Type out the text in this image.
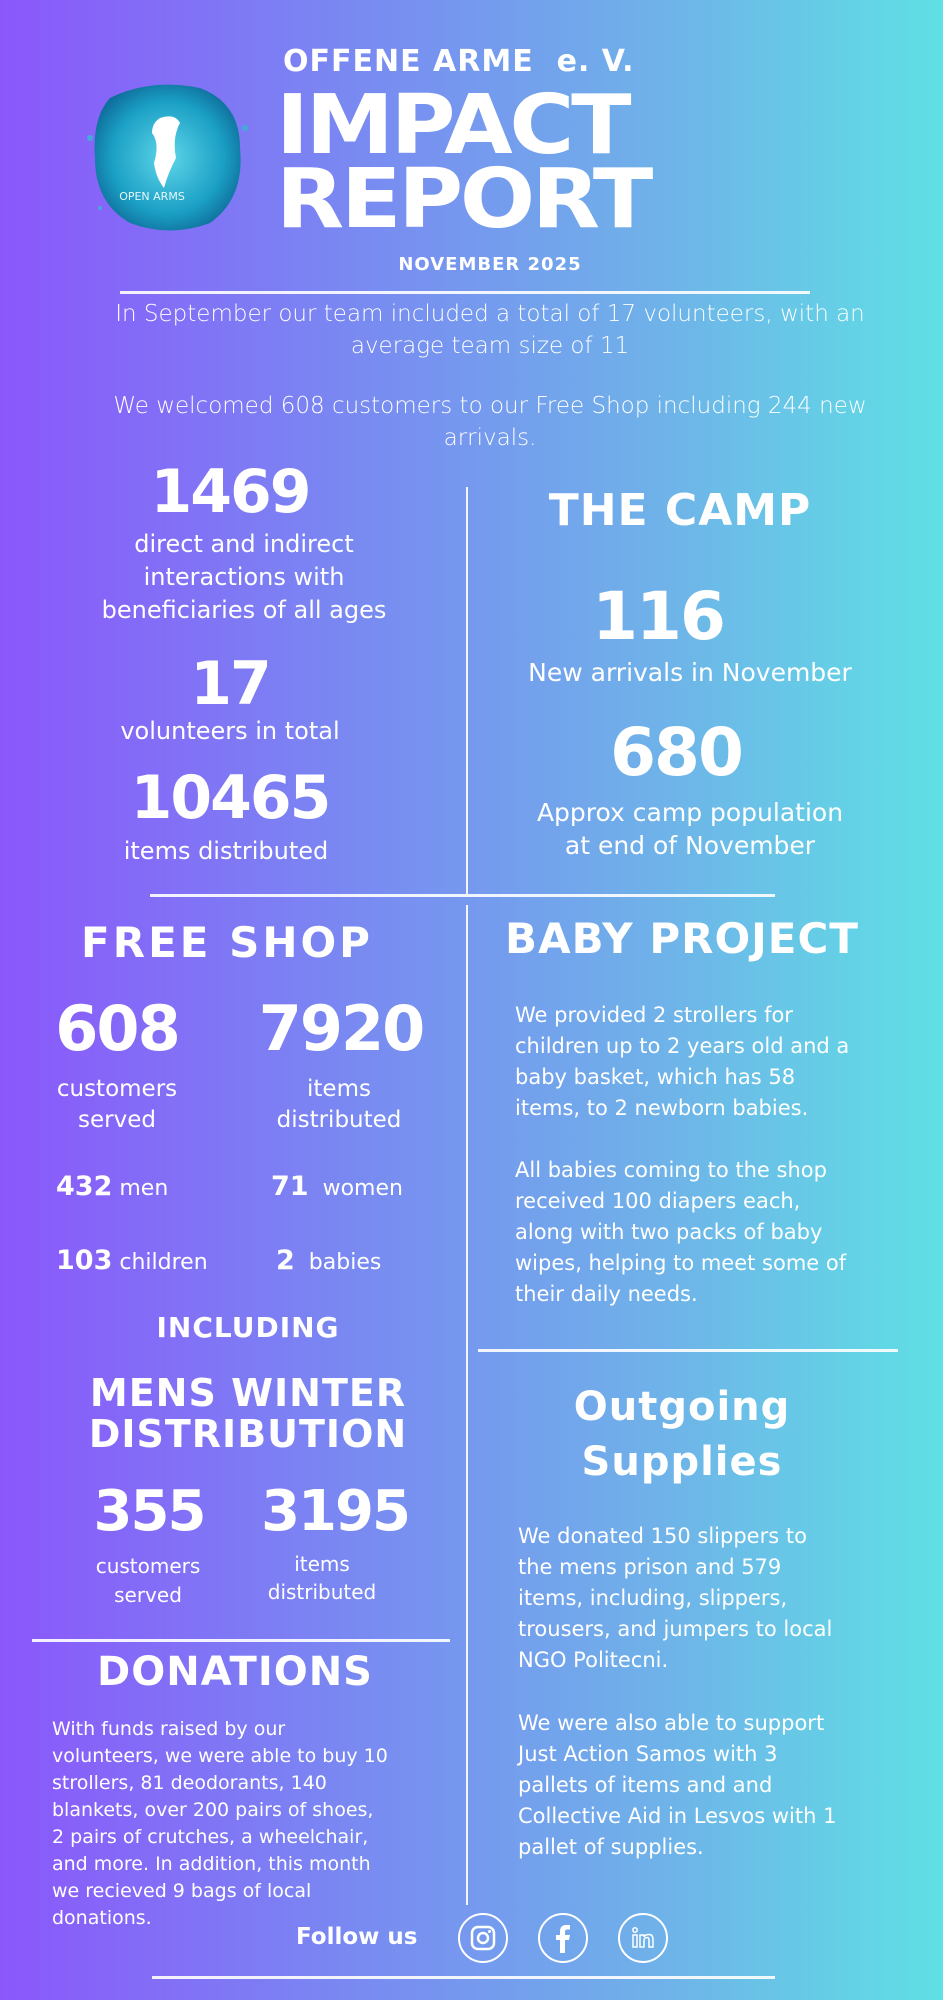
OPEN ARMS
OFFENE ARME  e. V.
IMPACT
REPORT
NOVEMBER 2025
In September our team included a total of 17 volunteers, with an
average team size of 11
We welcomed 608 customers to our Free Shop including 244 new
arrivals.
1469
direct and indirect
interactions with
beneficiaries of all ages
17
volunteers in total
10465
items distributed
THE CAMP
116
New arrivals in November
680
Approx camp population
at end of November
FREE SHOP
608 7920
customers
served
items
distributed
432 men	71 women
103 children	2 babies
INCLUDING
MENS WINTER
DISTRIBUTION
355 3195
customers
served
items
distributed
DONATIONS
With funds raised by our
volunteers, we were able to buy 10
strollers, 81 deodorants, 140
blankets, over 200 pairs of shoes,
2 pairs of crutches, a wheelchair,
and more. In addition, this month
we recieved 9 bags of local
donations.
BABY PROJECT
We provided 2 strollers for
children up to 2 years old and a
baby basket, which has 58
items, to 2 newborn babies.
All babies coming to the shop
received 100 diapers each,
along with two packs of baby
wipes, helping to meet some of
their daily needs.
Outgoing
Supplies
We donated 150 slippers to
the mens prison and 579
items, including, slippers,
trousers, and jumpers to local
NGO Politecni.
We were also able to support
Just Action Samos with 3
pallets of items and and
Collective Aid in Lesvos with 1
pallet of supplies.
Follow us
